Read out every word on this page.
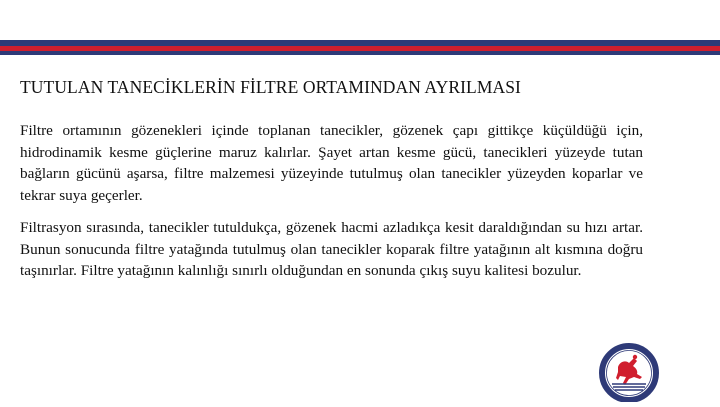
TUTULAN TANECİKLERİN FİLTRE ORTAMINDAN AYRILMASI

Filtre ortamının gözenekleri içinde toplanan tanecikler, gözenek çapı gittikçe küçüldüğü için, hidrodinamik kesme güçlerine maruz kalırlar. Şayet artan kesme gücü, tanecikleri yüzeyde tutan bağların gücünü aşarsa, filtre malzemesi yüzeyinde tutulmuş olan tanecikler yüzeyden koparlar ve tekrar suya geçerler.

Filtrasyon sırasında, tanecikler tutuldukça, gözenek hacmi azladıkça kesit daraldığından su hızı artar. Bunun sonucunda filtre yatağında tutulmuş olan tanecikler koparak filtre yatağının alt kısmına doğru taşınırlar. Filtre yatağının kalınlığı sınırlı olduğundan en sonunda çıkış suyu kalitesi bozulur.
